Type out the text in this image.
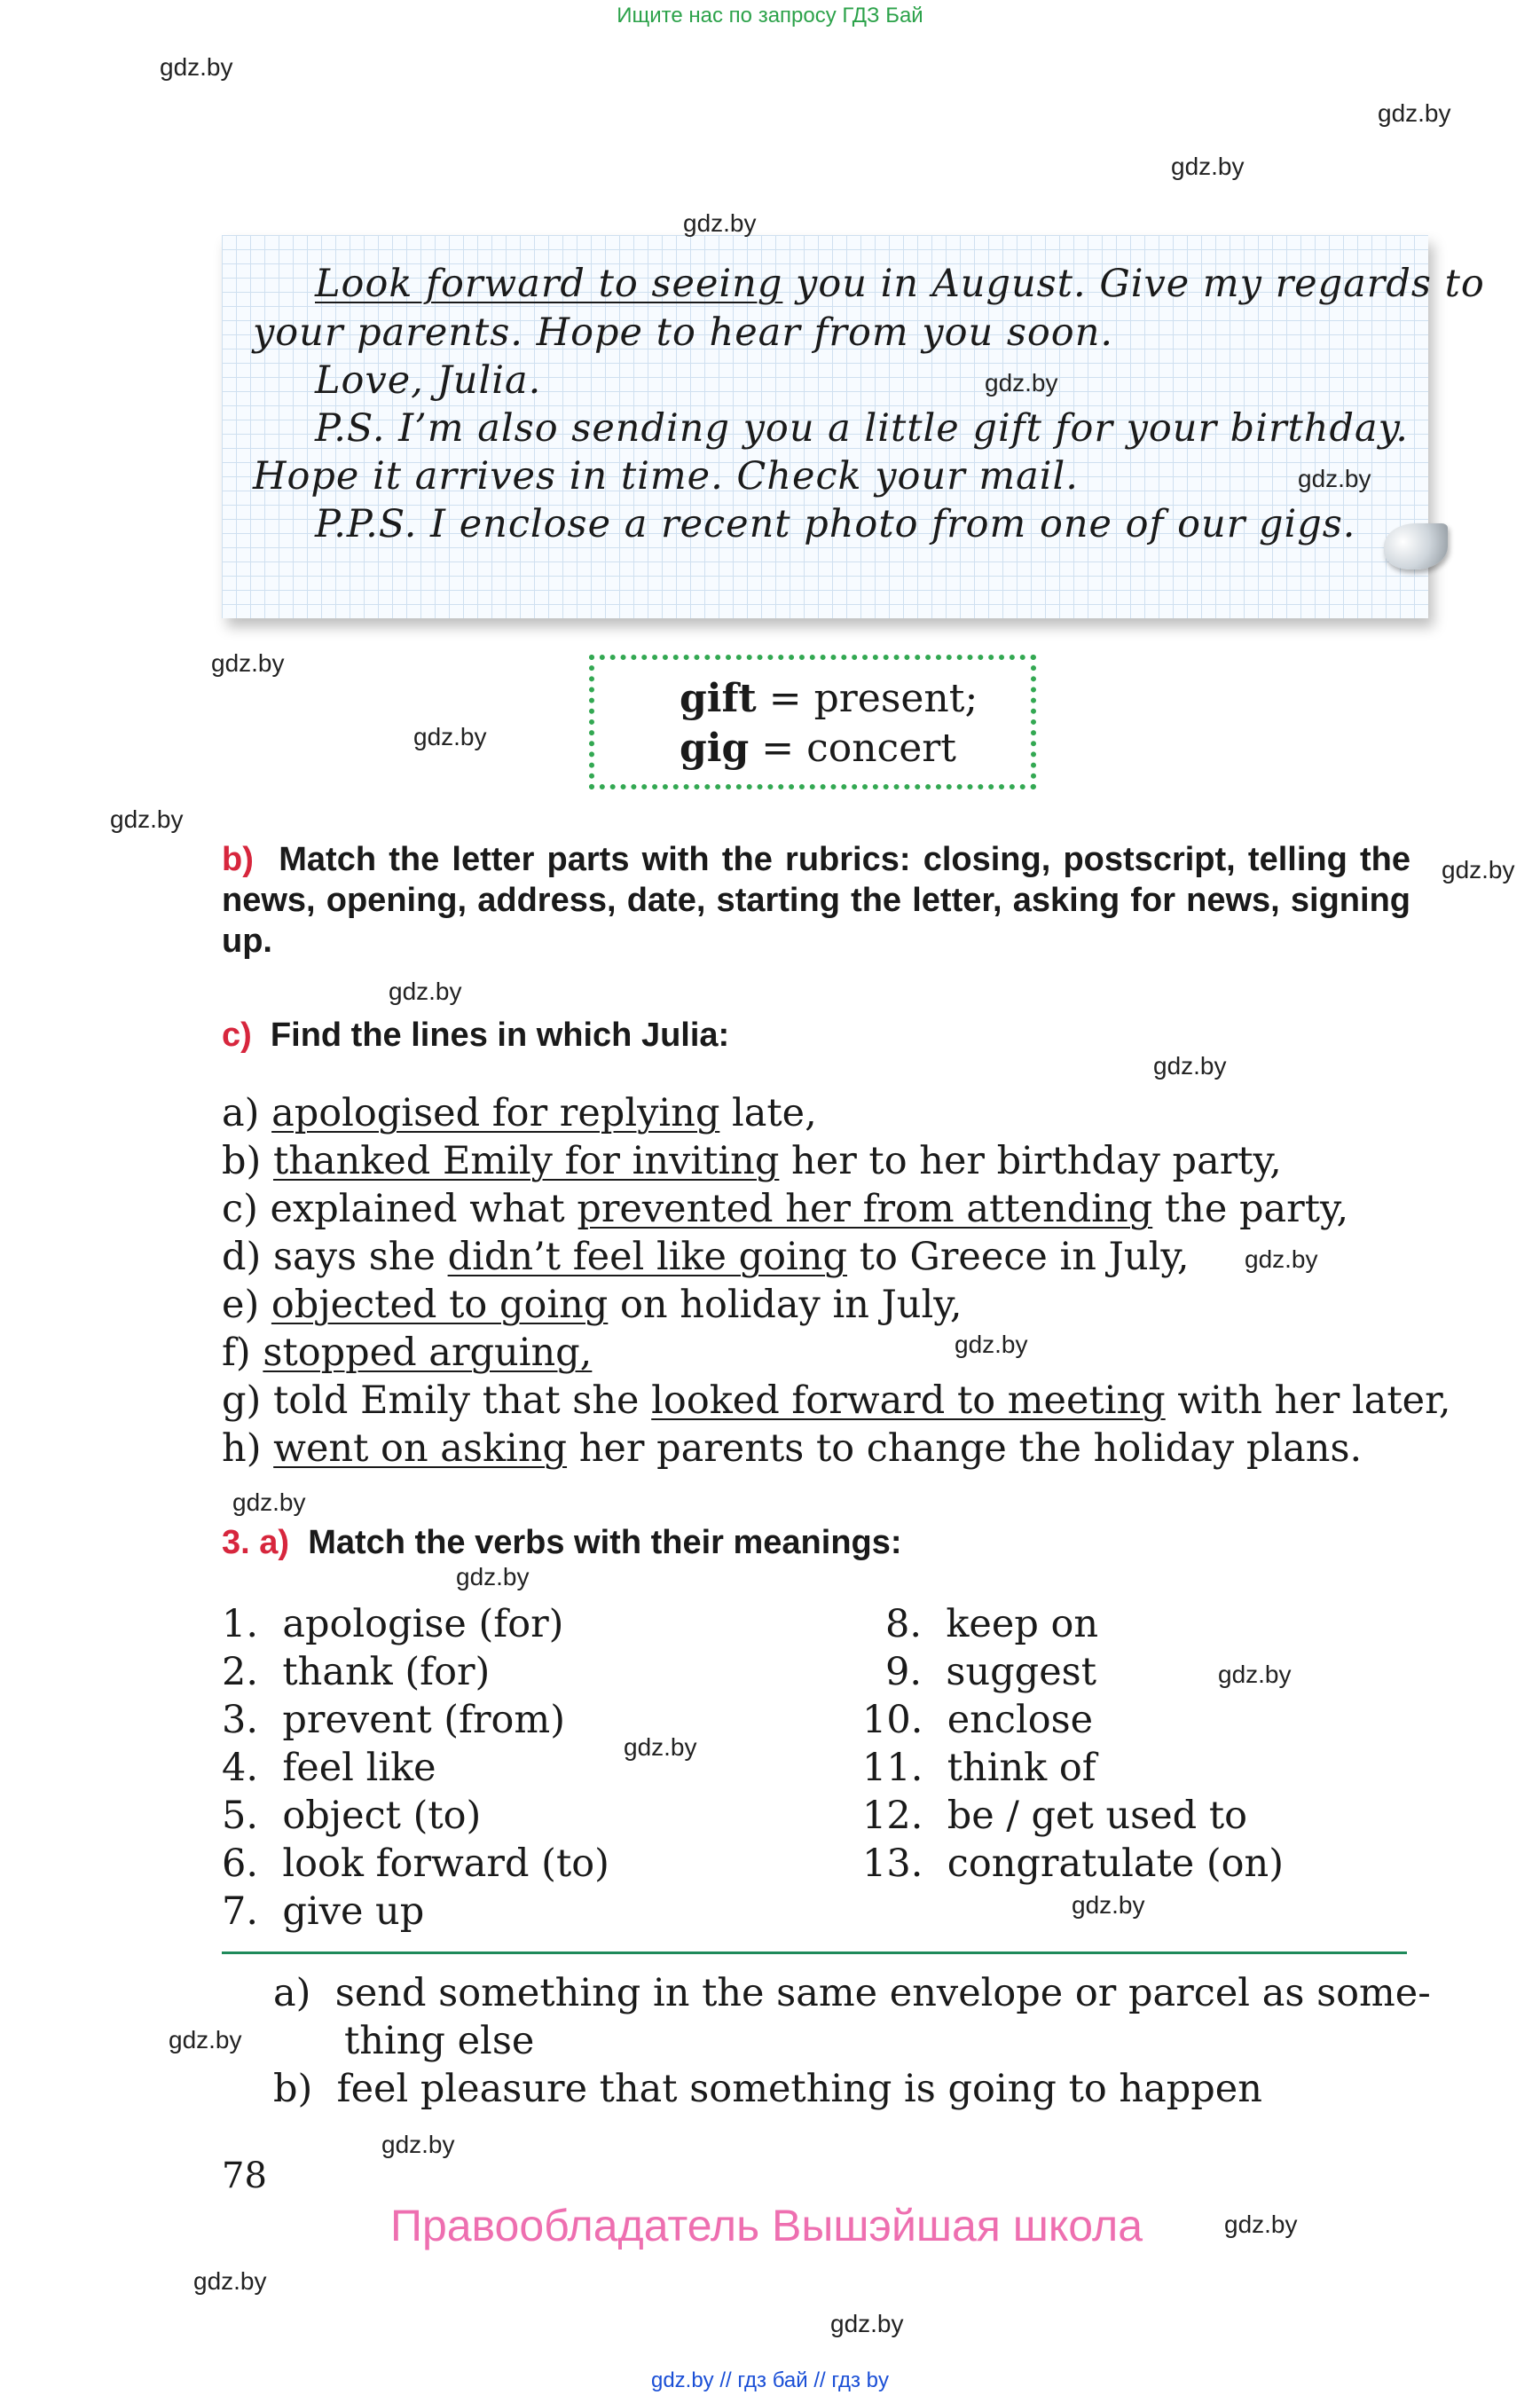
Ищите нас по запросу ГДЗ Бай
gdz.by
gdz.by
gdz.by
gdz.by
Look forward to seeing you in August. Give my regards to
your parents. Hope to hear from you soon.
Love, Julia.	gdz.by
P.S. I’m also sending you a little gift for your birthday.
Hope it arrives in time. Check your mail.	gdz.by
P.P.S. I enclose a recent photo from one of our gigs.
gdz.by
gdz.by
gift = present;
gig = concert
gdz.by
gdz.by
b) Match the letter parts with the rubrics: closing, postscript, telling the news, opening, address, date, starting the letter, asking for news, signing up.
gdz.by
c) Find the lines in which Julia:
gdz.by
a) apologised for replying late,
b) thanked Emily for inviting her to her birthday party,
c) explained what prevented her from attending the party,
d) says she didn’t feel like going to Greece in July, gdz.by
e) objected to going on holiday in July,
f) stopped arguing,	gdz.by
g) told Emily that she looked forward to meeting with her later,
h) went on asking her parents to change the holiday plans.
gdz.by
3. a) Match the verbs with their meanings:
gdz.by
1. apologise (for)
2. thank (for)
3. prevent (from)
4. feel like
5. object (to)
6. look forward (to)
7. give up
gdz.by
8. keep on
9. suggest	gdz.by
10. enclose
11. think of
12. be / get used to
13. congratulate (on)
gdz.by
a) send something in the same envelope or parcel as some-
thing else
gdz.by
b) feel pleasure that something is going to happen
gdz.by
78
Правообладатель Вышэйшая школа	gdz.by
gdz.by
gdz.by
gdz.by // гдз бай // гдз by
